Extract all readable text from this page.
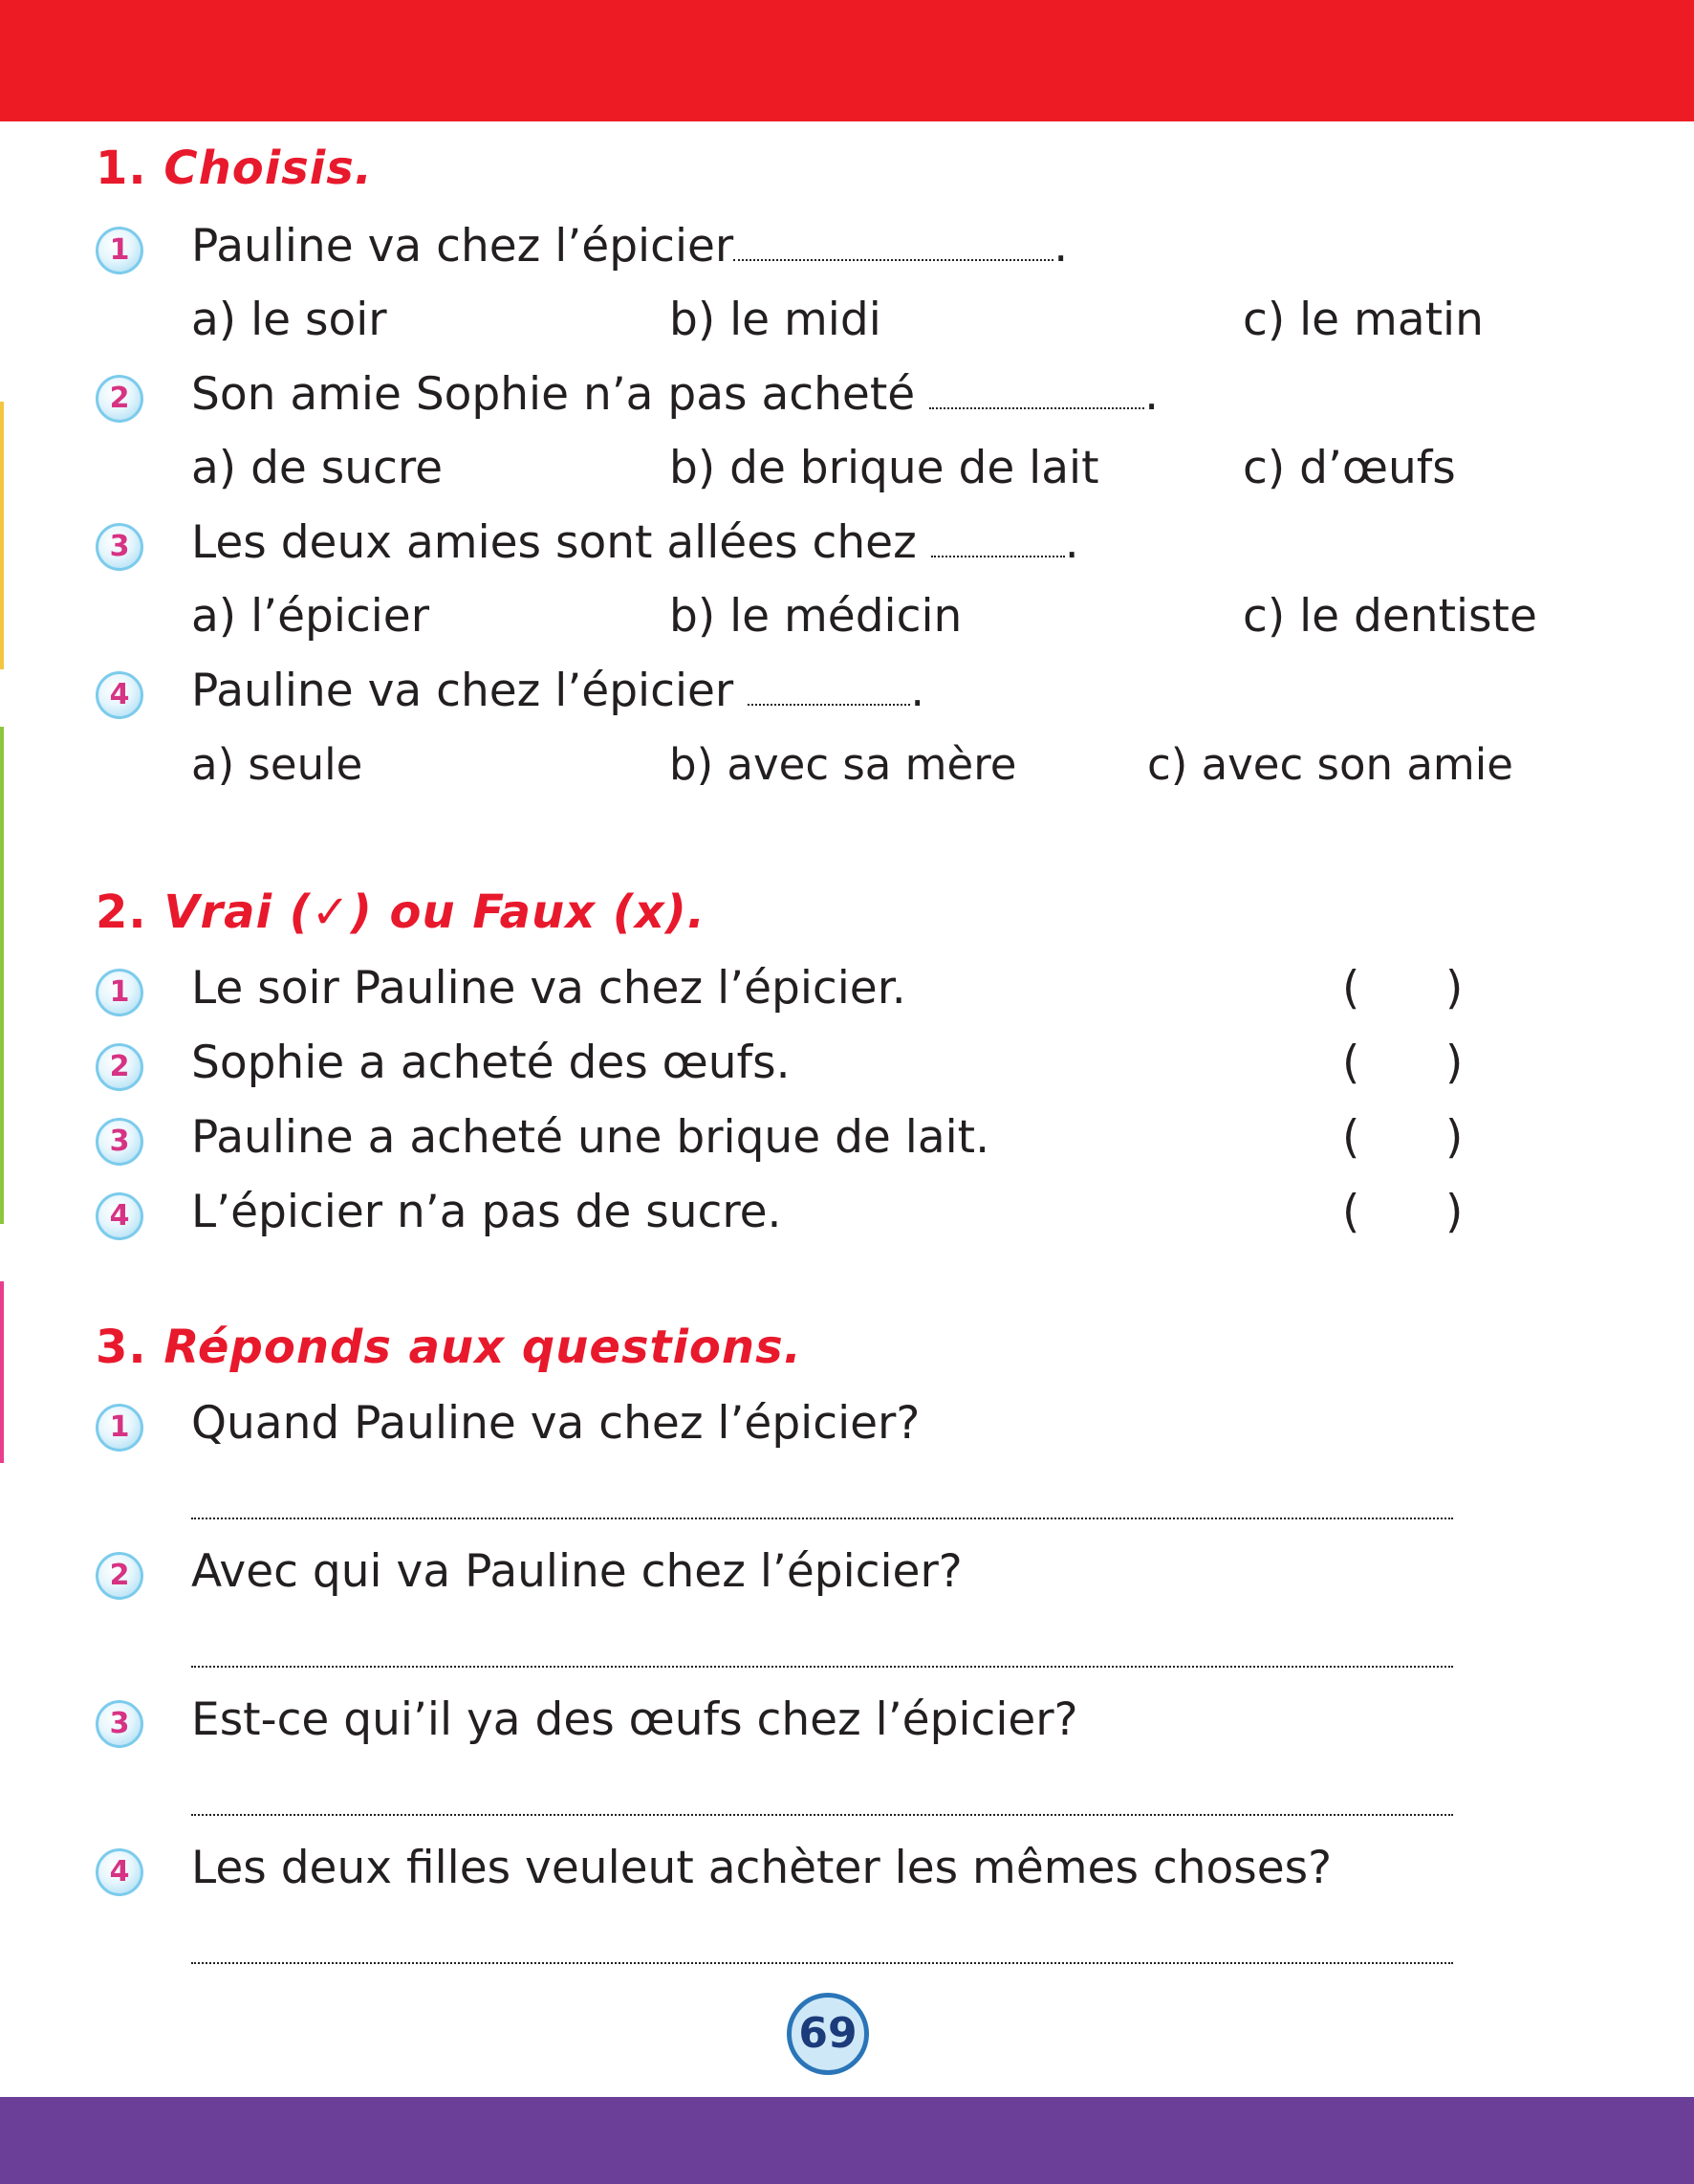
1. Choisis.
1	Pauline va chez l’épicier	.
a) le soir	b) le midi	c) le matin
2	Son amie Sophie n’a pas acheté	.
a) de sucre	b) de brique de lait	c) d’œufs
3	Les deux amies sont allées chez	.
a) l’épicier	b) le médicin	c) le dentiste
4	Pauline va chez l’épicier	.
a) seule	b) avec sa mère	c) avec son amie
2. Vrai (✓) ou Faux (x).
1	Le soir Pauline va chez l’épicier.	(      )
2	Sophie a acheté des œufs.	(      )
3	Pauline a acheté une brique de lait.	(      )
4	L’épicier n’a pas de sucre.	(      )
3. Réponds aux questions.
1	Quand Pauline va chez l’épicier?
2	Avec qui va Pauline chez l’épicier?
3	Est-ce qui’il ya des œufs chez l’épicier?
4	Les deux filles veuleut achèter les mêmes choses?
69
